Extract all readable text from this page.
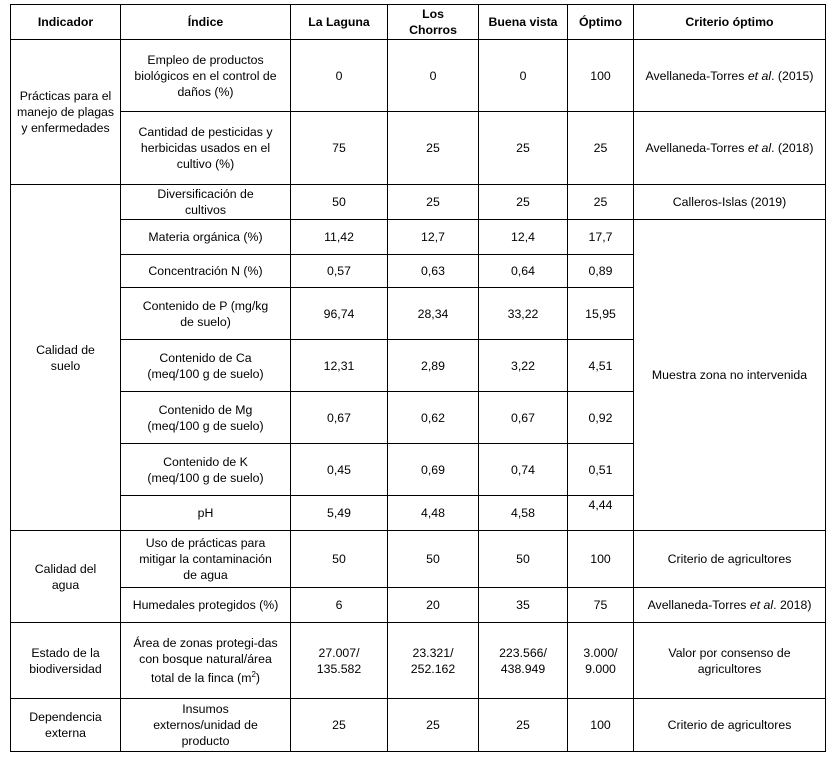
Indicador	Índice	La Laguna	Los Chorros	Buena vista	Óptimo	Criterio óptimo
Prácticas para el manejo de plagas y enfermedades	Empleo de productos biológicos en el control de daños (%)	0	0	0	100	Avellaneda-Torres et al. (2015)
	Cantidad de pesticidas y herbicidas usados en el cultivo (%)	75	25	25	25	Avellaneda-Torres et al. (2018)
Calidad de suelo	Diversificación de cultivos	50	25	25	25	Calleros-Islas (2019)
	Materia orgánica (%)	11,42	12,7	12,4	17,7	Muestra zona no intervenida
	Concentración N (%)	0,57	0,63	0,64	0,89	
	Contenido de P (mg/kg de suelo)	96,74	28,34	33,22	15,95	
	Contenido de Ca (meq/100 g de suelo)	12,31	2,89	3,22	4,51	
	Contenido de Mg (meq/100 g de suelo)	0,67	0,62	0,67	0,92	
	Contenido de K (meq/100 g de suelo)	0,45	0,69	0,74	0,51	
	pH	5,49	4,48	4,58	4,44	
Calidad del agua	Uso de prácticas para mitigar la contaminación de agua	50	50	50	100	Criterio de agricultores
	Humedales protegidos (%)	6	20	35	75	Avellaneda-Torres et al. 2018)
Estado de la biodiversidad	Área de zonas protegi-das con bosque natural/área total de la finca $(m^2)$	27.007/ 135.582	23.321/ 252.162	223.566/ 438.949	3.000/ 9.000	Valor por consenso de agricultores
Dependencia externa	Insumos externos/unidad de producto	25	25	25	100	Criterio de agricultores
